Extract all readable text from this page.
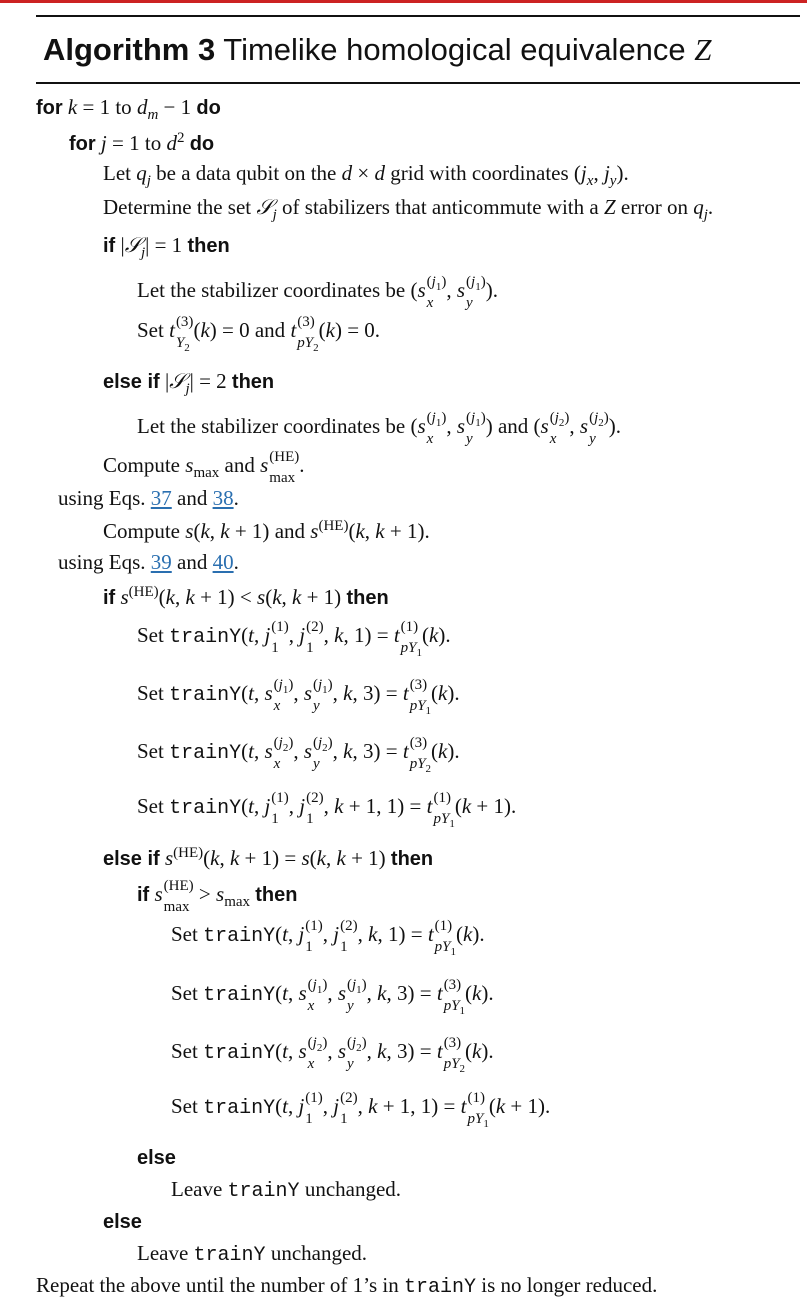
Algorithm 3 Timelike homological equivalence Z
for k = 1 to $d_m - 1$ do
for j = 1 to $d^2$ do
Let $q_j$ be a data qubit on the d × d grid with coordinates ($j_x$, $j_y$).
Determine the set 𝒮$_j$ of stabilizers that anticommute with a Z error on $q_j$.
if |𝒮$_j$| = 1 then
Let the stabilizer coordinates be (s $(j_1)$
x
, s $(j_1)$
y
).
Set t (3)
$Y_2$
(k) = 0 and t (3)
$pY_2$
(k) = 0.
else if |𝒮$_j$| = 2 then
Let the stabilizer coordinates be (s $(j_1)$
x
, s $(j_1)$
y
) and (s $(j_2)$
x
, s $(j_2)$
y
).
Compute $s_{max}$ and s (HE)
max
.
using Eqs. 37 and 38.
Compute s(k, k + 1) and $s^{(HE)}(k$, k + 1).
using Eqs. 39 and 40.
if $s^{(HE)}(k$, k + 1) < s(k, k + 1) then
Set trainY(t, j (1)
1
, j (2)
1
, k, 1) = t (1)
$pY_1$
(k).
Set trainY(t, s $(j_1)$
x
, s $(j_1)$
y
, k, 3) = t (3)
$pY_1$
(k).
Set trainY(t, s $(j_2)$
x
, s $(j_2)$
y
, k, 3) = t (3)
$pY_2$
(k).
Set trainY(t, j (1)
1
, j (2)
1
, k + 1, 1) = t (1)
$pY_1$
(k + 1).
else if $s^{(HE)}(k$, k + 1) = s(k, k + 1) then
if s (HE)
max
> $s_{max}$ then
Set trainY(t, j (1)
1
, j (2)
1
, k, 1) = t (1)
$pY_1$
(k).
Set trainY(t, s $(j_1)$
x
, s $(j_1)$
y
, k, 3) = t (3)
$pY_1$
(k).
Set trainY(t, s $(j_2)$
x
, s $(j_2)$
y
, k, 3) = t (3)
$pY_2$
(k).
Set trainY(t, j (1)
1
, j (2)
1
, k + 1, 1) = t (1)
$pY_1$
(k + 1).
else
Leave trainY unchanged.
else
Leave trainY unchanged.
Repeat the above until the number of 1’s in trainY is no longer reduced.
